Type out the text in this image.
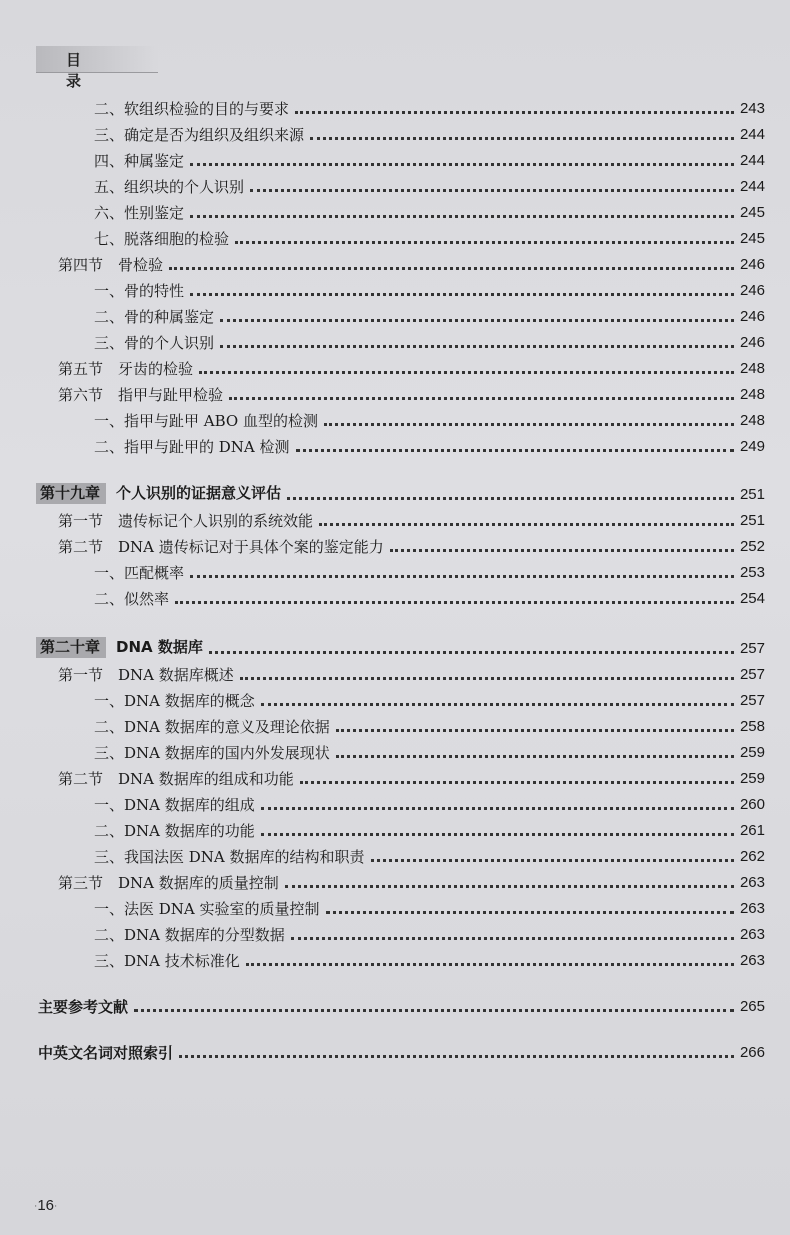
目 录
二、软组织检验的目的与要求	243
三、确定是否为组织及组织来源	244
四、种属鉴定	244
五、组织块的个人识别	244
六、性别鉴定	245
七、脱落细胞的检验	245
第四节　骨检验	246
一、骨的特性	246
二、骨的种属鉴定	246
三、骨的个人识别	246
第五节　牙齿的检验	248
第六节　指甲与趾甲检验	248
一、指甲与趾甲 ABO 血型的检测	248
二、指甲与趾甲的 DNA 检测	249
第十九章 个人识别的证据意义评估	251
第一节　遗传标记个人识别的系统效能	251
第二节　DNA 遗传标记对于具体个案的鉴定能力	252
一、匹配概率	253
二、似然率	254
第二十章 DNA 数据库	257
第一节　DNA 数据库概述	257
一、DNA 数据库的概念	257
二、DNA 数据库的意义及理论依据	258
三、DNA 数据库的国内外发展现状	259
第二节　DNA 数据库的组成和功能	259
一、DNA 数据库的组成	260
二、DNA 数据库的功能	261
三、我国法医 DNA 数据库的结构和职责	262
第三节　DNA 数据库的质量控制	263
一、法医 DNA 实验室的质量控制	263
二、DNA 数据库的分型数据	263
三、DNA 技术标准化	263
主要参考文献	265
中英文名词对照索引	266
·16·
